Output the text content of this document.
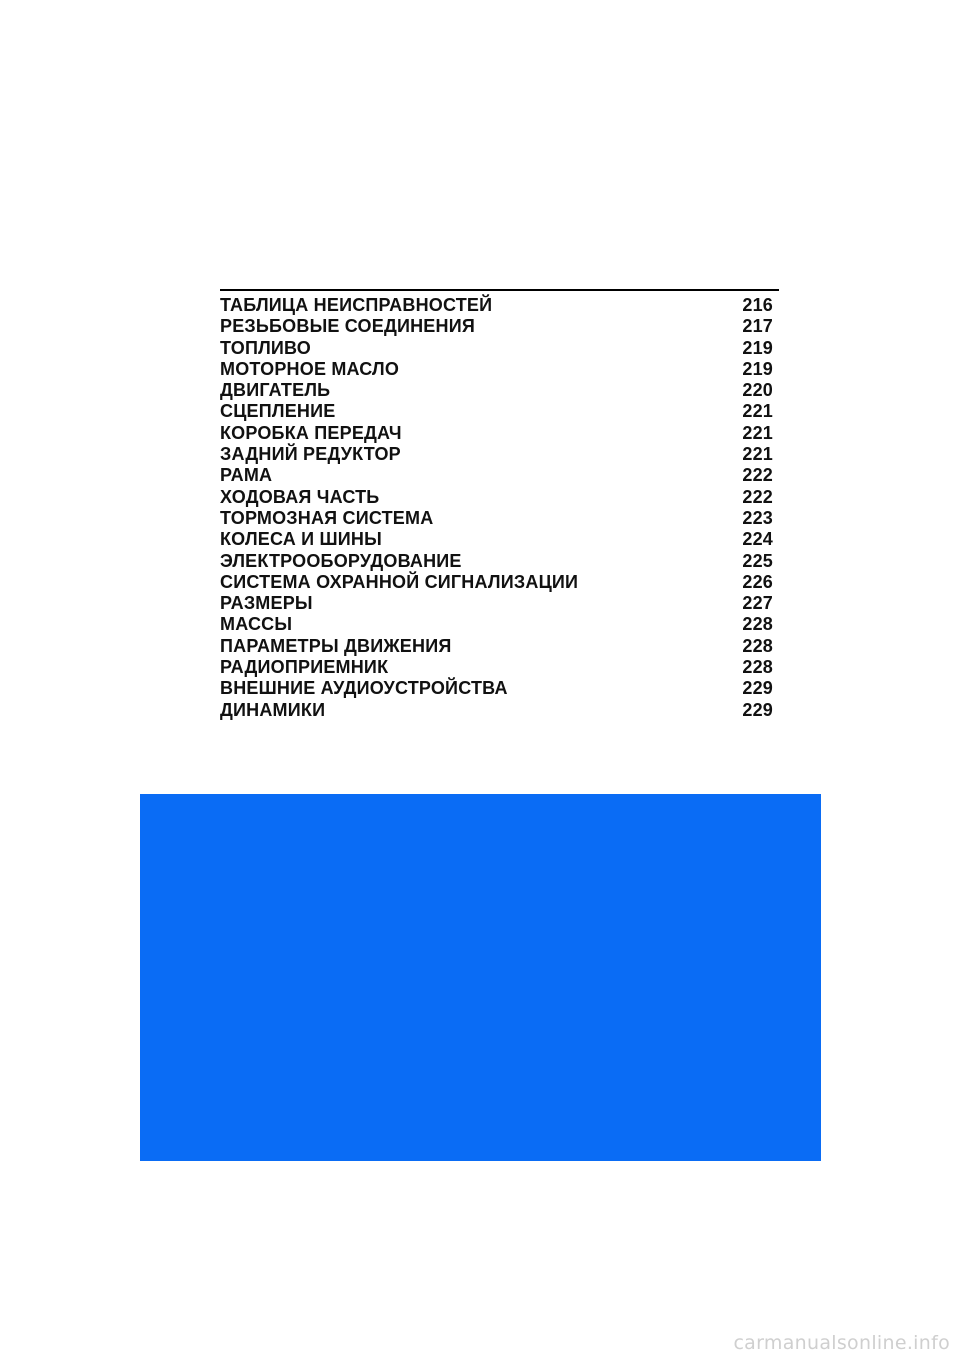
ТАБЛИЦА НЕИСПРАВНОСТЕЙ	216
РЕЗЬБОВЫЕ СОЕДИНЕНИЯ	217
ТОПЛИВО	219
МОТОРНОЕ МАСЛО	219
ДВИГАТЕЛЬ	220
СЦЕПЛЕНИЕ	221
КОРОБКА ПЕРЕДАЧ	221
ЗАДНИЙ РЕДУКТОР	221
РАМА	222
ХОДОВАЯ ЧАСТЬ	222
ТОРМОЗНАЯ СИСТЕМА	223
КОЛЕСА И ШИНЫ	224
ЭЛЕКТРООБОРУДОВАНИЕ	225
СИСТЕМА ОХРАННОЙ СИГНАЛИЗАЦИИ	226
РАЗМЕРЫ	227
МАССЫ	228
ПАРАМЕТРЫ ДВИЖЕНИЯ	228
РАДИОПРИЕМНИК	228
ВНЕШНИЕ АУДИОУСТРОЙСТВА	229
ДИНАМИКИ	229
carmanualsonline.info
